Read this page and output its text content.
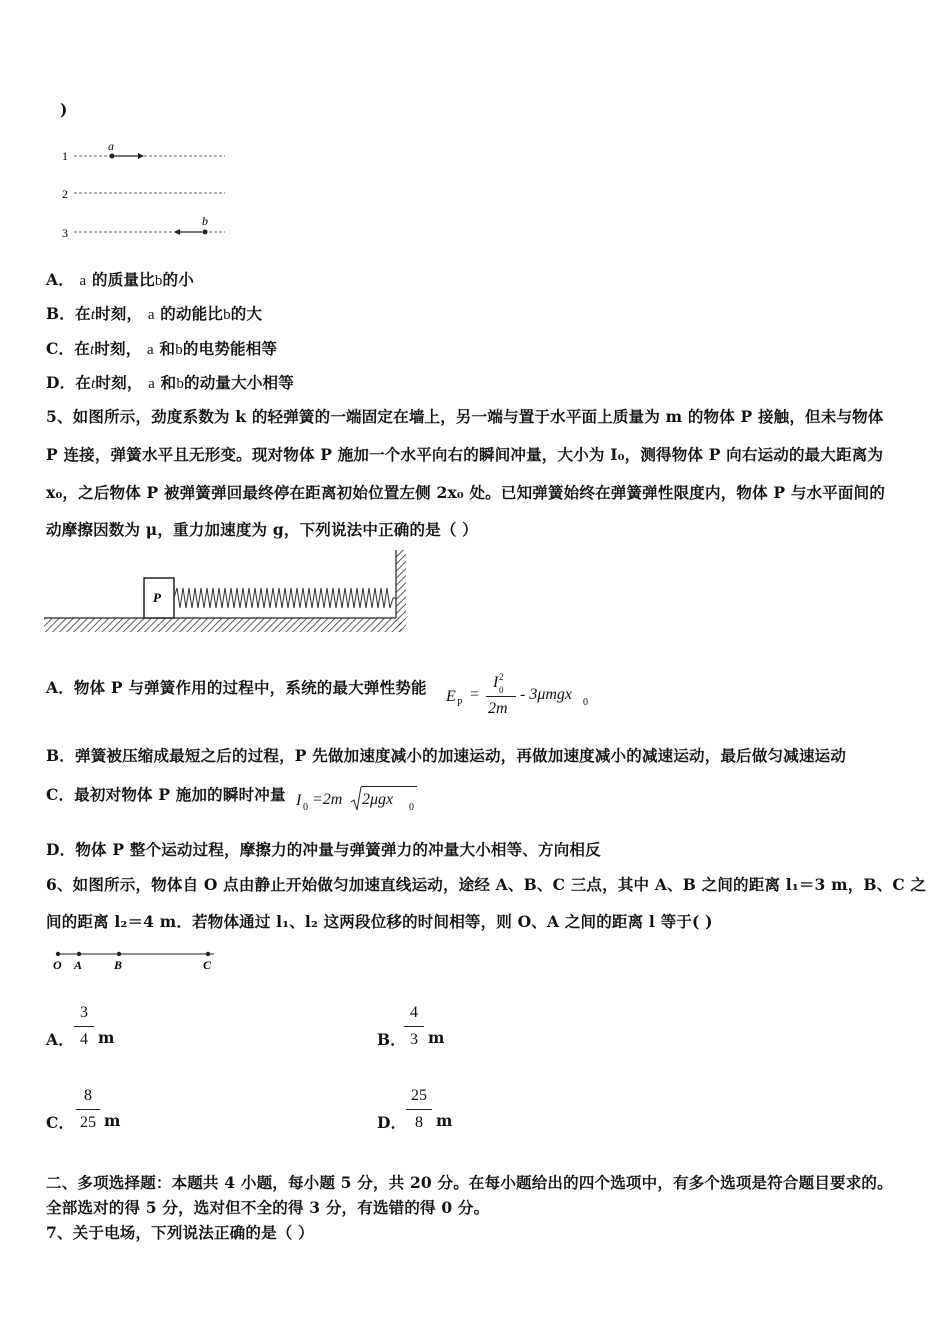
)
1
a
2
3
b
A． a 的质量比b的小
B．在t时刻， a 的动能比b的大
C．在t时刻， a 和b的电势能相等
D．在t时刻， a 和b的动量大小相等
5、如图所示，劲度系数为 k 的轻弹簧的一端固定在墙上，另一端与置于水平面上质量为 m 的物体 P 接触，但未与物体
P 连接，弹簧水平且无形变。现对物体 P 施加一个水平向右的瞬间冲量，大小为 I₀，测得物体 P 向右运动的最大距离为
x₀，之后物体 P 被弹簧弹回最终停在距离初始位置左侧 2x₀ 处。已知弹簧始终在弹簧弹性限度内，物体 P 与水平面间的
动摩擦因数为 μ，重力加速度为 g，下列说法中正确的是（ ）
P
A．物体 P 与弹簧作用的过程中，系统的最大弹性势能 E P
=
I 2
0
2m
- 3μmgx 0
B．弹簧被压缩成最短之后的过程，P 先做加速度减小的加速运动，再做加速度减小的减速运动，最后做匀减速运动
C．最初对物体 P 施加的瞬时冲量 I 0 =2m 2μgx 0
D．物体 P 整个运动过程，摩擦力的冲量与弹簧弹力的冲量大小相等、方向相反
6、如图所示，物体自 O 点由静止开始做匀加速直线运动，途经 A、B、C 三点，其中 A、B 之间的距离 l₁＝3 m，B、C 之
间的距离 l₂＝4 m．若物体通过 l₁、l₂ 这两段位移的时间相等，则 O、A 之间的距离 l 等于( )
O A	B	C
A．
3
4 m	B．
4
3 m
C．
8
25 m	D．
25
8 m
二、多项选择题：本题共 4 小题，每小题 5 分，共 20 分。在每小题给出的四个选项中，有多个选项是符合题目要求的。
全部选对的得 5 分，选对但不全的得 3 分，有选错的得 0 分。
7、关于电场，下列说法正确的是（ ）
